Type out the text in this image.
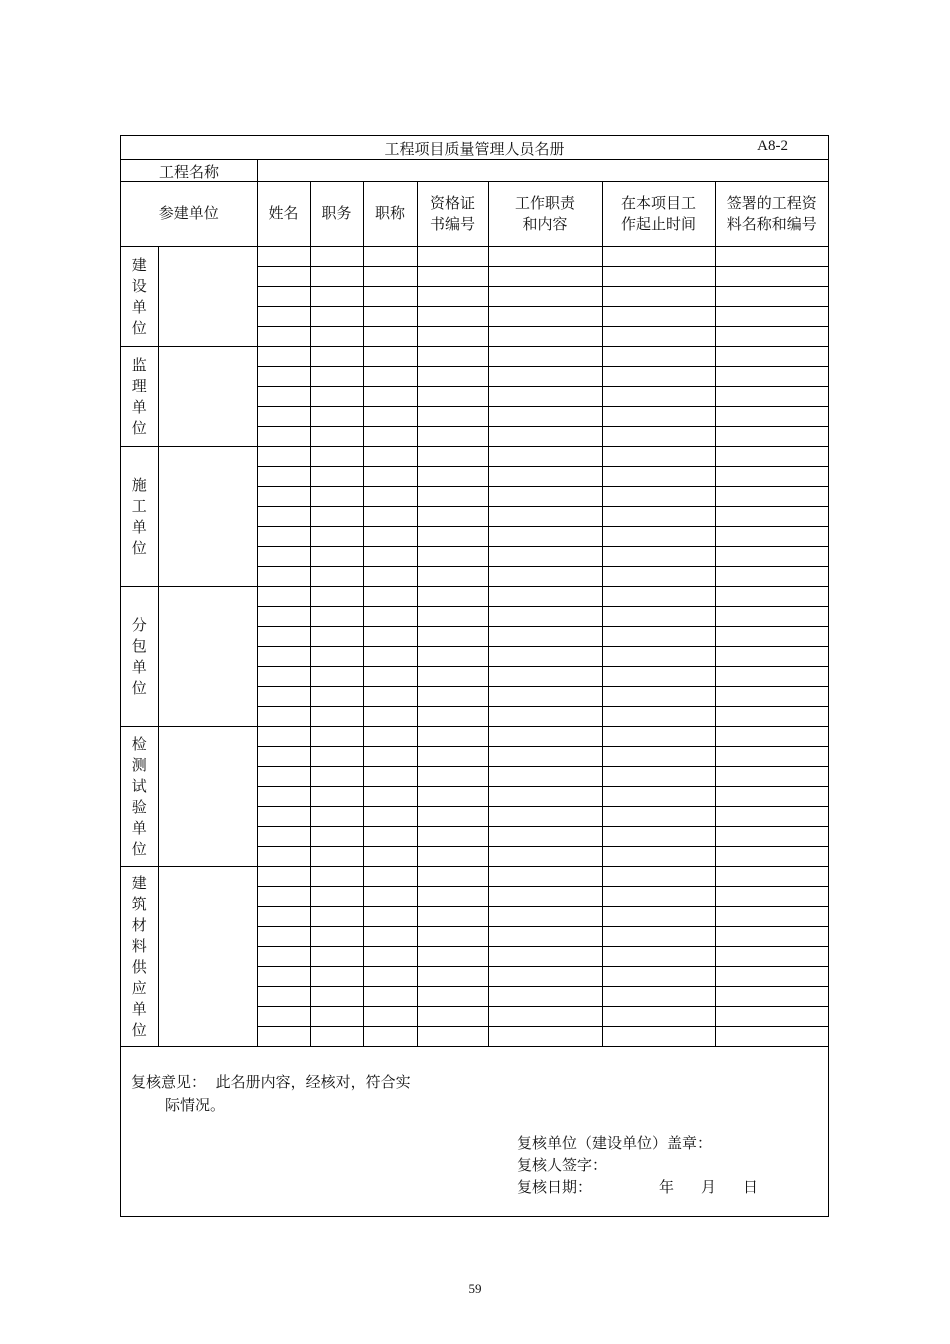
工程项目质量管理人员名册	A8-2
工程名称
参建单位		姓名	职务	职称	资格证书编号	工作职责和内容	在本项目工作起止时间	签署的工程资料名称和编号

建设单位								

监理单位								

施工单位								

分包单位								

检测试验单位								

建筑材料供应单位								

复核意见： 此名册内容，经核对，符合实
际情况。
复核单位（建设单位）盖章：
复核人签字：
复核日期：	年 月 日
59
